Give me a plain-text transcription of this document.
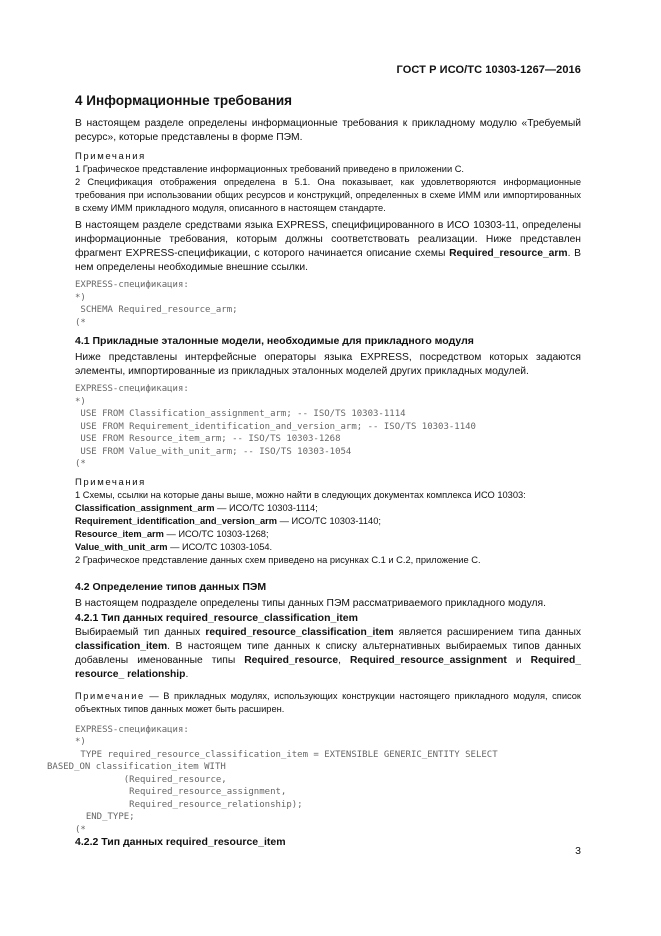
ГОСТ Р ИСО/ТС 10303-1267—2016
4 Информационные требования
В настоящем разделе определены информационные требования к прикладному модулю «Требуемый ресурс», которые представлены в форме ПЭМ.
Примечания
1 Графическое представление информационных требований приведено в приложении С.
2 Спецификация отображения определена в 5.1. Она показывает, как удовлетворяются информационные требования при использовании общих ресурсов и конструкций, определенных в схеме ИММ или импортированных в схему ИММ прикладного модуля, описанного в настоящем стандарте.
В настоящем разделе средствами языка EXPRESS, специфицированного в ИСО 10303-11, определены информационные требования, которым должны соответствовать реализации. Ниже представлен фрагмент EXPRESS-спецификации, с которого начинается описание схемы Required_resource_arm. В нем определены необходимые внешние ссылки.
EXPRESS-спецификация:
*)
SCHEMA Required_resource_arm;
(*
4.1 Прикладные эталонные модели, необходимые для прикладного модуля
Ниже представлены интерфейсные операторы языка EXPRESS, посредством которых задаются элементы, импортированные из прикладных эталонных моделей других прикладных модулей.
EXPRESS-спецификация:
*)
USE FROM Classification_assignment_arm; -- ISO/TS 10303-1114
USE FROM Requirement_identification_and_version_arm; -- ISO/TS 10303-1140
USE FROM Resource_item_arm; -- ISO/TS 10303-1268
USE FROM Value_with_unit_arm; -- ISO/TS 10303-1054
(*
Примечания
1 Схемы, ссылки на которые даны выше, можно найти в следующих документах комплекса ИСО 10303:
Classification_assignment_arm — ИСО/ТС 10303-1114;
Requirement_identification_and_version_arm — ИСО/ТС 10303-1140;
Resource_item_arm — ИСО/ТС 10303-1268;
Value_with_unit_arm — ИСО/ТС 10303-1054.
2 Графическое представление данных схем приведено на рисунках С.1 и С.2, приложение С.
4.2 Определение типов данных ПЭМ
В настоящем подразделе определены типы данных ПЭМ рассматриваемого прикладного модуля.
4.2.1 Тип данных required_resource_classification_item
Выбираемый тип данных required_resource_classification_item является расширением типа данных classification_item. В настоящем типе данных к списку альтернативных выбираемых типов данных добавлены именованные типы Required_resource, Required_resource_assignment и Required_ resource_ relationship.
Примечание — В прикладных модулях, использующих конструкции настоящего прикладного модуля, список объектных типов данных может быть расширен.
EXPRESS-спецификация:
*)
TYPE required_resource_classification_item = EXTENSIBLE GENERIC_ENTITY SELECT
BASED_ON classification_item WITH
(Required_resource,
Required_resource_assignment,
Required_resource_relationship);
END_TYPE;
(*
4.2.2 Тип данных required_resource_item
3
